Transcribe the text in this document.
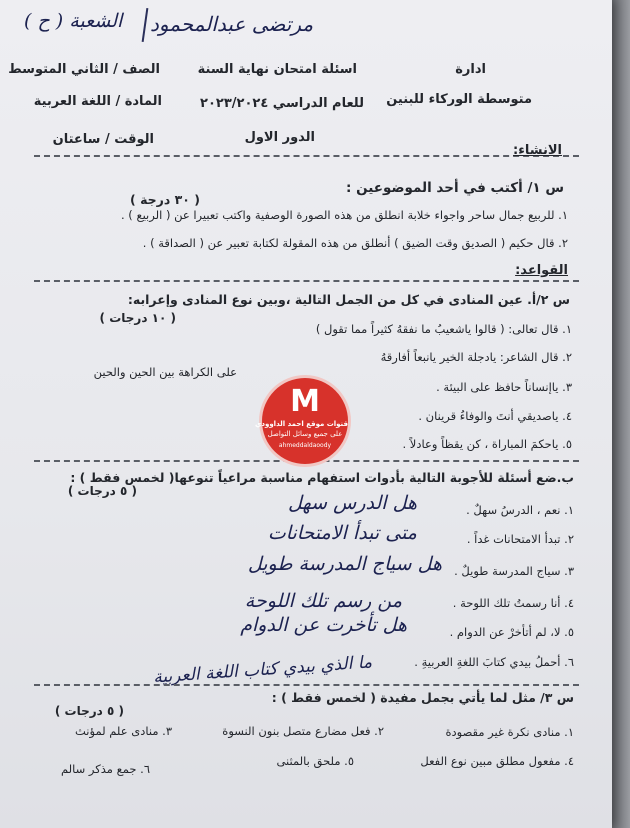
مرتضى عبدالمحمود
الشعبة ( ح )
ادارة
متوسطة الوركاء للبنين
اسئلة امتحان نهاية السنة
للعام الدراسي ٢٠٢٣/٢٠٢٤
الدور الاول
الصف / الثاني المتوسط
المادة / اللغة العربية
الوقت / ساعتان
الانشاء:
س ١/ أكتب في أحد الموضوعين :
( ٣٠ درجة )
١. للربيع جمال ساحر واجواء خلابة انطلق من هذه الصورة الوصفية واكتب تعبيرا عن ( الربيع ) .
٢. قال حكيم ( الصديق وقت الضيق ) أنطلق من هذه المقولة لكتابة تعبير عن ( الصداقة ) .
القواعد:
س ٢/أ. عين المنادى في كل من الجمل التالية ،وبين نوع المنادى وإعرابه:
( ١٠ درجات )
١. قال تعالى: ( قالوا ياشعيبُ ما نفقهُ كثيراً مما تقول )
٢. قال الشاعر: يادجلة الخير يانبعاً أفارقهُ
على الكراهة بين الحين والحين
٣. ياإنساناً حافظ على البيئة .
٤. ياصديقي أنتَ والوفاءُ قرينان .
٥. ياحكمَ المباراة ، كن يقظاً وعادلاً .
ب.ضع أسئلة للأجوبة التالية بأدوات استفهام مناسبة مراعياً تنوعها( لخمس فقط ) :
( ٥ درجات )
١. نعم ، الدرسُ سهلٌ .
هل الدرس سهل
٢. تبدأ الامتحانات غداً .
متى تبدأ الامتحانات
٣. سياج المدرسة طويلٌ .
هل سياج المدرسة طويل
٤. أنا رسمتُ تلك اللوحة .
من رسم تلك اللوحة
٥. لا، لم أتأخرْ عن الدوام .
هل تأخرت عن الدوام
٦. أحملُ بيدي كتابَ اللغةِ العربيةِ .
ما الذي بيدي كتاب اللغة العربية
س ٣/ مثل لما يأتي بجمل مفيدة ( لخمس فقط ) :
( ٥ درجات )
١. منادى نكرة غير مقصودة
٢. فعل مضارع متصل بنون النسوة
٣. منادى علم لمؤنث
٤. مفعول مطلق مبين نوع الفعل
٥. ملحق بالمثنى
٦. جمع مذكر سالم
M
قنوات موقع احمد الداوودي
على جميع وسائل التواصل
ahmeddaldaoody
